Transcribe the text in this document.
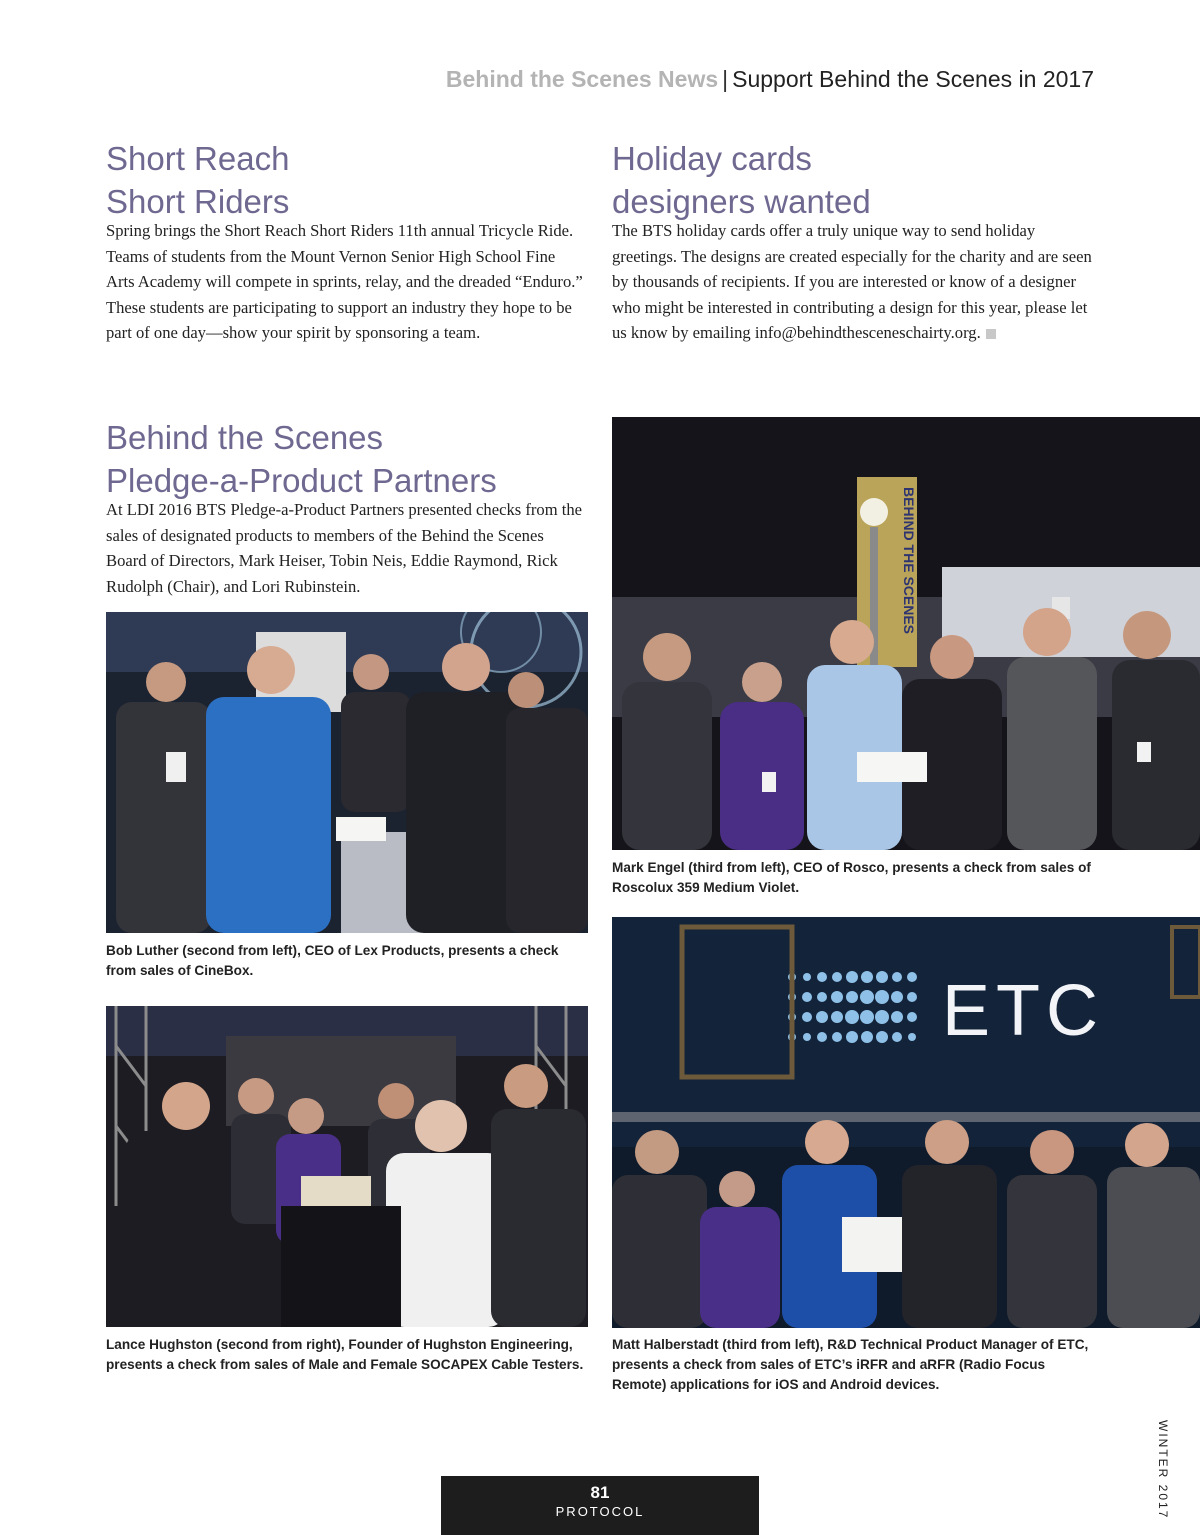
Behind the Scenes News | Support Behind the Scenes in 2017
Short Reach
Short Riders

Spring brings the Short Reach Short Riders 11th annual Tricycle Ride. Teams of students from the Mount Vernon Senior High School Fine Arts Academy will compete in sprints, relay, and the dreaded “Enduro.” These students are participating to support an industry they hope to be part of one day—show your spirit by sponsoring a team.

Holiday cards
designers wanted

The BTS holiday cards offer a truly unique way to send holiday greetings. The designs are created especially for the charity and are seen by thousands of recipients. If you are interested or know of a designer who might be interested in contributing a design for this year, please let us know by emailing info@behindthesceneschairty.org.

Behind the Scenes
Pledge-a-Product Partners

At LDI 2016 BTS Pledge-a-Product Partners presented checks from the sales of designated products to members of the Behind the Scenes Board of Directors, Mark Heiser, Tobin Neis, Eddie Raymond, Rick Rudolph (Chair), and Lori Rubinstein.	BEHIND THE SCENES

Mark Engel (third from left), CEO of Rosco, presents a check from sales of Roscolux 359 Medium Violet.

Bob Luther (second from left), CEO of Lex Products, presents a check from sales of CineBox.

ETC

Matt Halberstadt (third from left), R&D Technical Product Manager of ETC, presents a check from sales of ETC’s iRFR and aRFR (Radio Focus Remote) applications for iOS and Android devices.

Lance Hughston (second from right), Founder of Hughston Engineering, presents a check from sales of Male and Female SOCAPEX Cable Testers.

WINTER 2017
81
PROTOCOL
